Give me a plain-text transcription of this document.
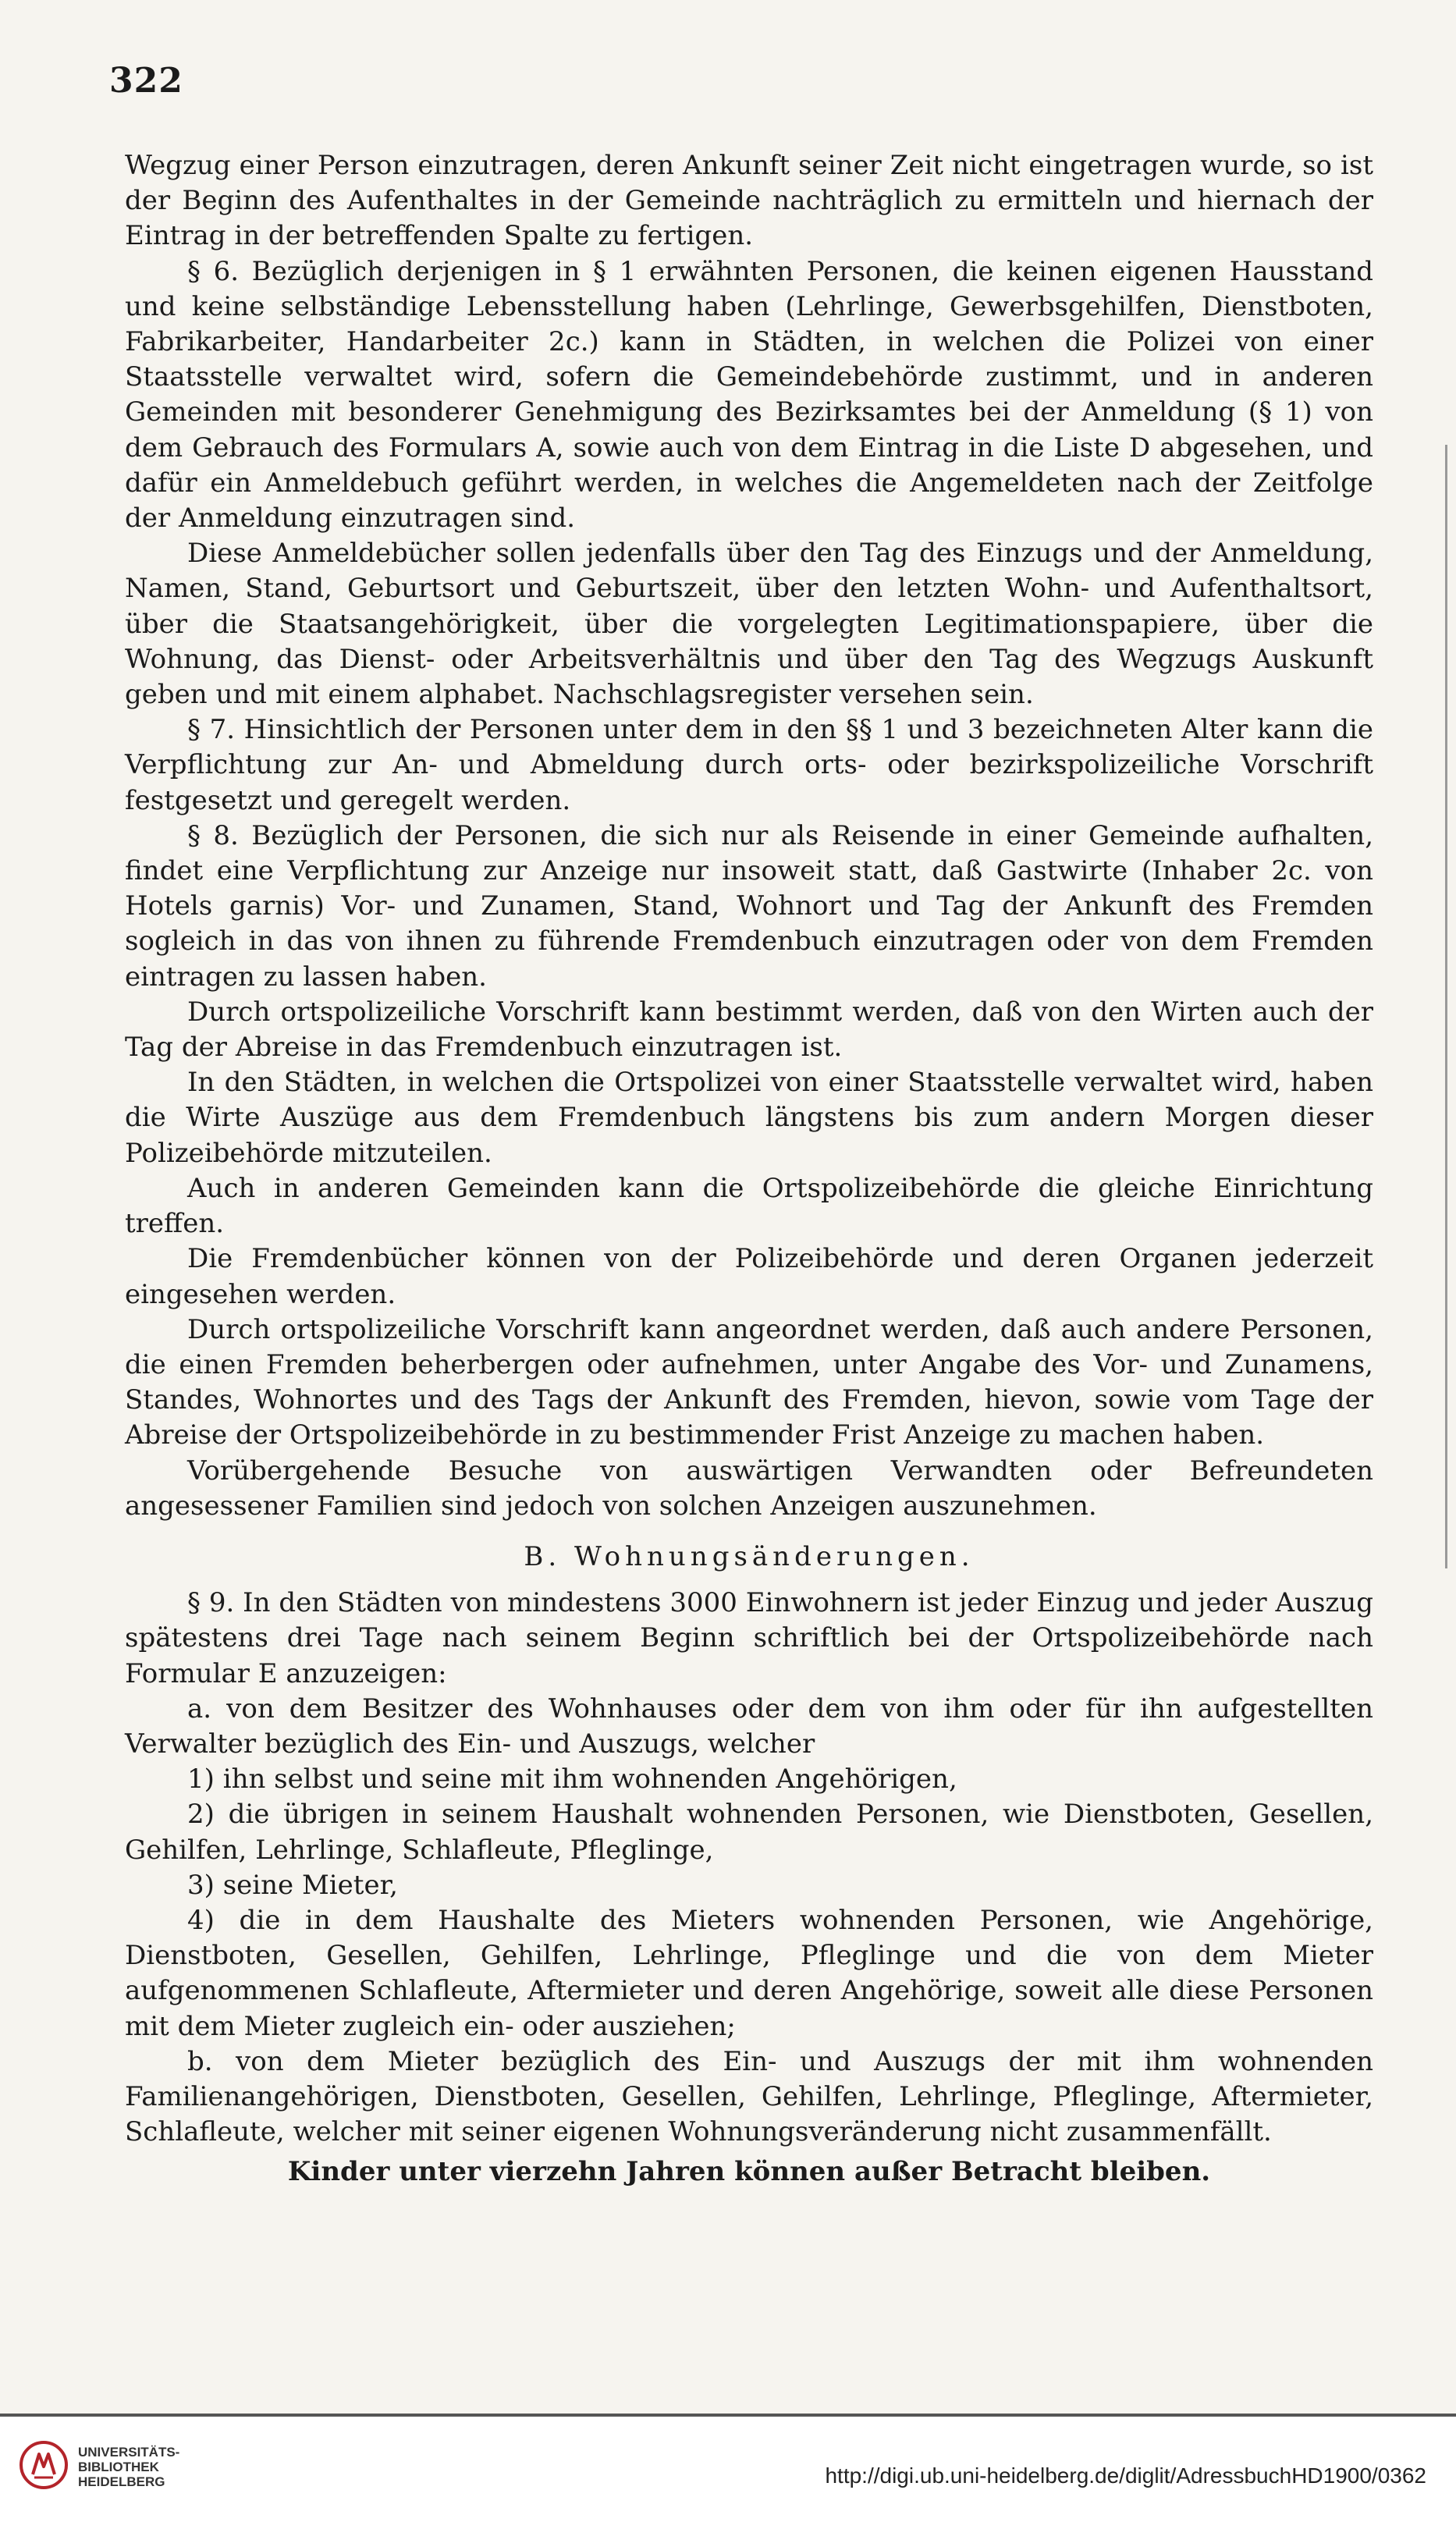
322

Wegzug einer Person einzutragen, deren Ankunft seiner Zeit nicht eingetragen wurde, so ist der Beginn des Aufenthaltes in der Gemeinde nachträglich zu ermitteln und hiernach der Eintrag in der betreffenden Spalte zu fertigen.

§ 6. Bezüglich derjenigen in § 1 erwähnten Personen, die keinen eigenen Hausstand und keine selbständige Lebensstellung haben (Lehrlinge, Gewerbsgehilfen, Dienstboten, Fabrikarbeiter, Handarbeiter 2c.) kann in Städten, in welchen die Polizei von einer Staatsstelle verwaltet wird, sofern die Gemeindebehörde zustimmt, und in anderen Gemeinden mit besonderer Genehmigung des Bezirksamtes bei der Anmeldung (§ 1) von dem Gebrauch des Formulars A, sowie auch von dem Eintrag in die Liste D abgesehen, und dafür ein Anmeldebuch geführt werden, in welches die Angemeldeten nach der Zeitfolge der Anmeldung einzutragen sind.

Diese Anmeldebücher sollen jedenfalls über den Tag des Einzugs und der Anmeldung, Namen, Stand, Geburtsort und Geburtszeit, über den letzten Wohn- und Aufenthaltsort, über die Staatsangehörigkeit, über die vorgelegten Legitimationspapiere, über die Wohnung, das Dienst- oder Arbeitsverhältnis und über den Tag des Wegzugs Auskunft geben und mit einem alphabet. Nachschlagsregister versehen sein.

§ 7. Hinsichtlich der Personen unter dem in den §§ 1 und 3 bezeichneten Alter kann die Verpflichtung zur An- und Abmeldung durch orts- oder bezirkspolizeiliche Vorschrift festgesetzt und geregelt werden.

§ 8. Bezüglich der Personen, die sich nur als Reisende in einer Gemeinde aufhalten, findet eine Verpflichtung zur Anzeige nur insoweit statt, daß Gastwirte (Inhaber 2c. von Hotels garnis) Vor- und Zunamen, Stand, Wohnort und Tag der Ankunft des Fremden sogleich in das von ihnen zu führende Fremdenbuch einzutragen oder von dem Fremden eintragen zu lassen haben.

Durch ortspolizeiliche Vorschrift kann bestimmt werden, daß von den Wirten auch der Tag der Abreise in das Fremdenbuch einzutragen ist.

In den Städten, in welchen die Ortspolizei von einer Staatsstelle verwaltet wird, haben die Wirte Auszüge aus dem Fremdenbuch längstens bis zum andern Morgen dieser Polizeibehörde mitzuteilen.

Auch in anderen Gemeinden kann die Ortspolizeibehörde die gleiche Einrichtung treffen.

Die Fremdenbücher können von der Polizeibehörde und deren Organen jederzeit eingesehen werden.

Durch ortspolizeiliche Vorschrift kann angeordnet werden, daß auch andere Personen, die einen Fremden beherbergen oder aufnehmen, unter Angabe des Vor- und Zunamens, Standes, Wohnortes und des Tags der Ankunft des Fremden, hievon, sowie vom Tage der Abreise der Ortspolizeibehörde in zu bestimmender Frist Anzeige zu machen haben.

Vorübergehende Besuche von auswärtigen Verwandten oder Befreundeten angesessener Familien sind jedoch von solchen Anzeigen auszunehmen.

B. Wohnungsänderungen.

§ 9. In den Städten von mindestens 3000 Einwohnern ist jeder Einzug und jeder Auszug spätestens drei Tage nach seinem Beginn schriftlich bei der Ortspolizeibehörde nach Formular E anzuzeigen:

a. von dem Besitzer des Wohnhauses oder dem von ihm oder für ihn aufgestellten Verwalter bezüglich des Ein- und Auszugs, welcher

1) ihn selbst und seine mit ihm wohnenden Angehörigen,

2) die übrigen in seinem Haushalt wohnenden Personen, wie Dienstboten, Gesellen, Gehilfen, Lehrlinge, Schlafleute, Pfleglinge,

3) seine Mieter,

4) die in dem Haushalte des Mieters wohnenden Personen, wie Angehörige, Dienstboten, Gesellen, Gehilfen, Lehrlinge, Pfleglinge und die von dem Mieter aufgenommenen Schlafleute, Aftermieter und deren Angehörige, soweit alle diese Personen mit dem Mieter zugleich ein- oder ausziehen;

b. von dem Mieter bezüglich des Ein- und Auszugs der mit ihm wohnenden Familienangehörigen, Dienstboten, Gesellen, Gehilfen, Lehrlinge, Pfleglinge, Aftermieter, Schlafleute, welcher mit seiner eigenen Wohnungsveränderung nicht zusammenfällt.

Kinder unter vierzehn Jahren können außer Betracht bleiben.

UNIVERSITÄTS-
BIBLIOTHEK
HEIDELBERG	http://digi.ub.uni-heidelberg.de/diglit/AdressbuchHD1900/0362
